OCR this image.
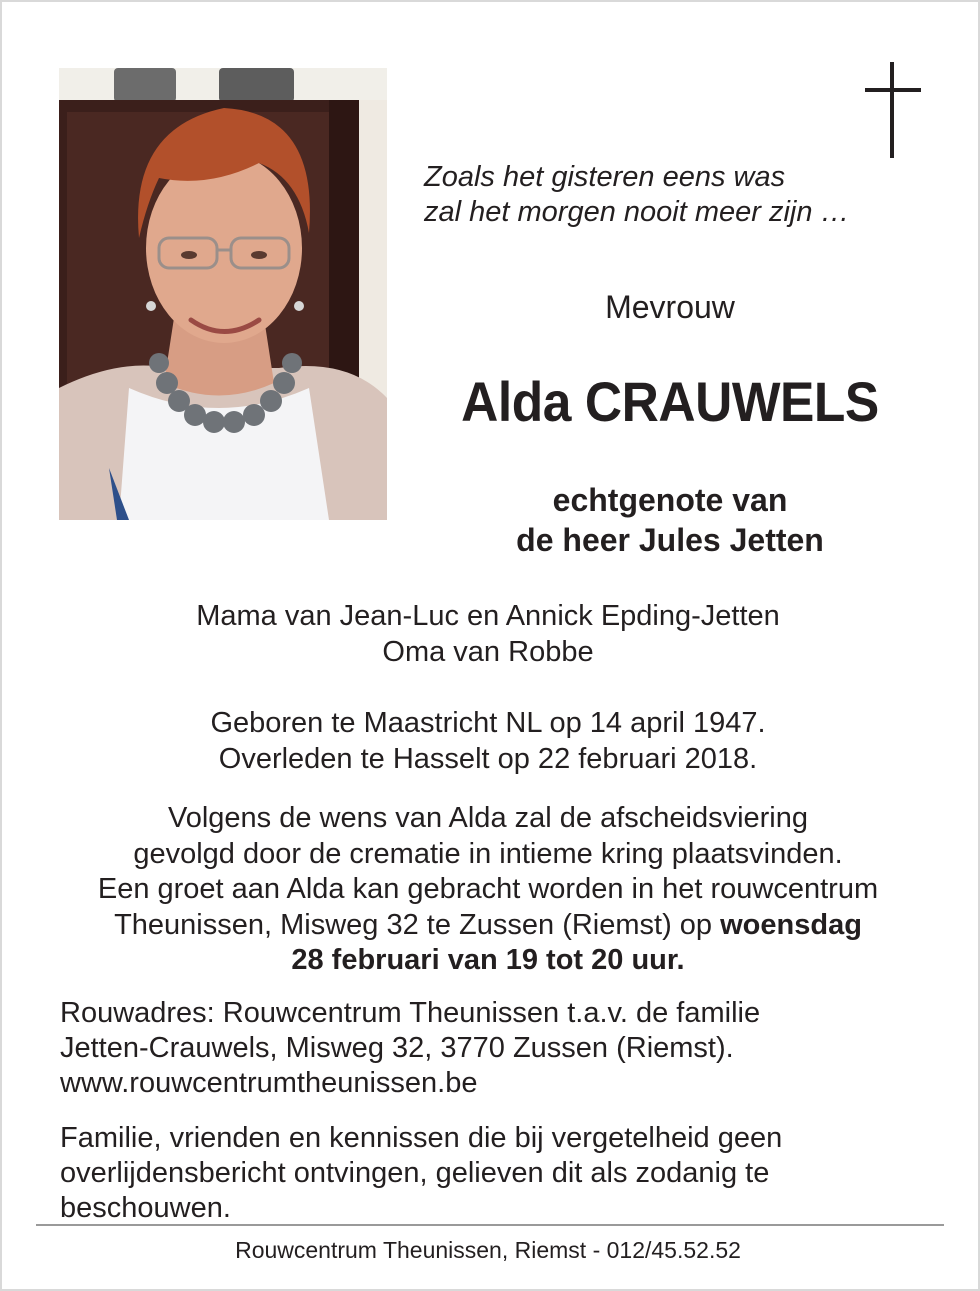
Zoals het gisteren eens was
zal het morgen nooit meer zijn …
Mevrouw
Alda CRAUWELS
echtgenote van
de heer Jules Jetten
Mama van Jean-Luc en Annick Epding-Jetten
Oma van Robbe
Geboren te Maastricht NL op 14 april 1947.
Overleden te Hasselt op 22 februari 2018.
Volgens de wens van Alda zal de afscheidsviering
gevolgd door de crematie in intieme kring plaatsvinden.
Een groet aan Alda kan gebracht worden in het rouwcentrum
Theunissen, Misweg 32 te Zussen (Riemst) op woensdag
28 februari van 19 tot 20 uur.
Rouwadres: Rouwcentrum Theunissen t.a.v. de familie
Jetten-Crauwels, Misweg 32, 3770 Zussen (Riemst).
www.rouwcentrumtheunissen.be
Familie, vrienden en kennissen die bij vergetelheid geen
overlijdensbericht ontvingen, gelieven dit als zodanig te
beschouwen.
Rouwcentrum Theunissen, Riemst - 012/45.52.52
